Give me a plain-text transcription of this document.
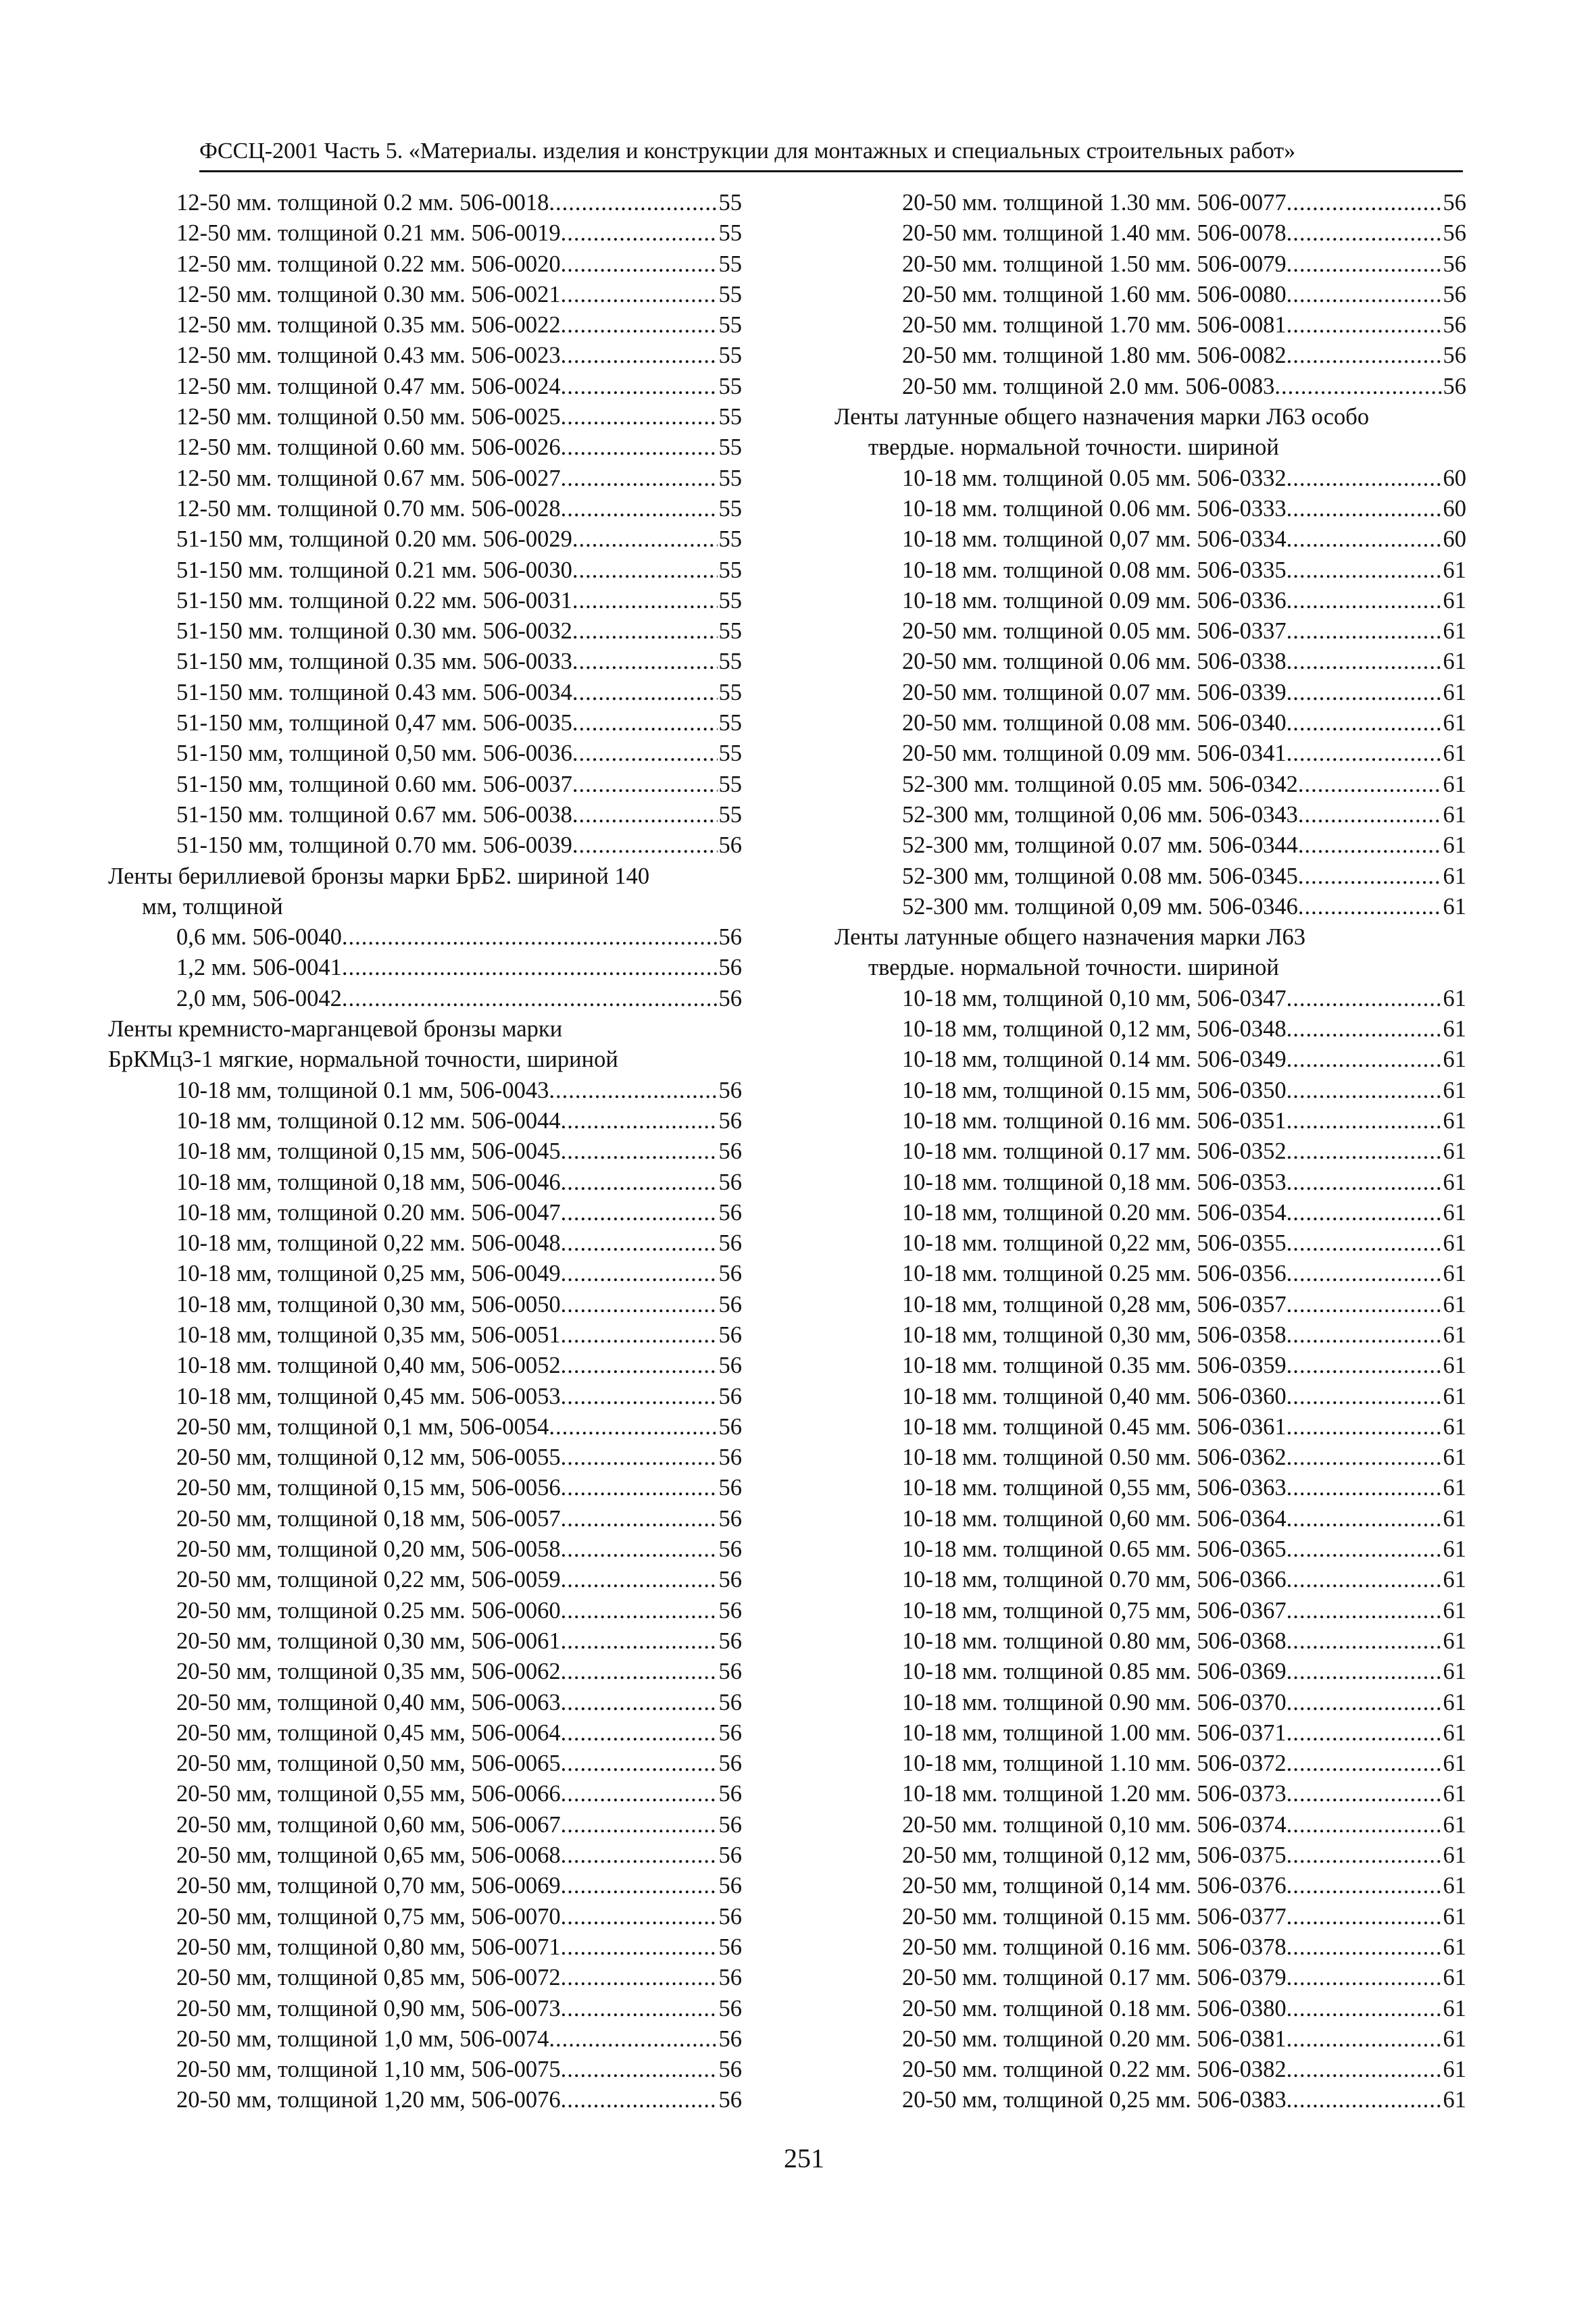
ФССЦ-2001 Часть 5. «Материалы. изделия и конструкции для монтажных и специальных строительных работ»
12-50 мм. толщиной 0.2 мм. 506-0018 .....	55
12-50 мм. толщиной 0.21 мм. 506-0019 .....	55
12-50 мм. толщиной 0.22 мм. 506-0020 .....	55
12-50 мм. толщиной 0.30 мм. 506-0021 .....	55
12-50 мм. толщиной 0.35 мм. 506-0022 .....	55
12-50 мм. толщиной 0.43 мм. 506-0023 .....	55
12-50 мм. толщиной 0.47 мм. 506-0024 .....	55
12-50 мм. толщиной 0.50 мм. 506-0025 .....	55
12-50 мм. толщиной 0.60 мм. 506-0026 .....	55
12-50 мм. толщиной 0.67 мм. 506-0027 .....	55
12-50 мм. толщиной 0.70 мм. 506-0028 .....	55
51-150 мм, толщиной 0.20 мм. 506-0029 .....	55
51-150 мм. толщиной 0.21 мм. 506-0030 .....	55
51-150 мм. толщиной 0.22 мм. 506-0031 .....	55
51-150 мм. толщиной 0.30 мм. 506-0032 .....	55
51-150 мм, толщиной 0.35 мм. 506-0033 .....	55
51-150 мм. толщиной 0.43 мм. 506-0034 .....	55
51-150 мм, толщиной 0,47 мм. 506-0035 .....	55
51-150 мм, толщиной 0,50 мм. 506-0036 .....	55
51-150 мм, толщиной 0.60 мм. 506-0037 .....	55
51-150 мм. толщиной 0.67 мм. 506-0038 .....	55
51-150 мм, толщиной 0.70 мм. 506-0039 .....	56
Ленты бериллиевой бронзы марки БрБ2. шириной 140
мм, толщиной
0,6 мм. 506-0040 .....	56
1,2 мм. 506-0041 .....	56
2,0 мм, 506-0042 .....	56
Ленты кремнисто-марганцевой бронзы марки
БрКМц3-1 мягкие, нормальной точности, шириной
10-18 мм, толщиной 0.1 мм, 506-0043 .....	56
10-18 мм, толщиной 0.12 мм. 506-0044 .....	56
10-18 мм, толщиной 0,15 мм, 506-0045 .....	56
10-18 мм, толщиной 0,18 мм, 506-0046 .....	56
10-18 мм, толщиной 0.20 мм. 506-0047 .....	56
10-18 мм, толщиной 0,22 мм. 506-0048 .....	56
10-18 мм, толщиной 0,25 мм, 506-0049 .....	56
10-18 мм, толщиной 0,30 мм, 506-0050 .....	56
10-18 мм, толщиной 0,35 мм, 506-0051 .....	56
10-18 мм. толщиной 0,40 мм, 506-0052 .....	56
10-18 мм, толщиной 0,45 мм. 506-0053 .....	56
20-50 мм, толщиной 0,1 мм, 506-0054 .....	56
20-50 мм, толщиной 0,12 мм, 506-0055 .....	56
20-50 мм, толщиной 0,15 мм, 506-0056 .....	56
20-50 мм, толщиной 0,18 мм, 506-0057 .....	56
20-50 мм, толщиной 0,20 мм, 506-0058 .....	56
20-50 мм, толщиной 0,22 мм, 506-0059 .....	56
20-50 мм, толщиной 0.25 мм. 506-0060 .....	56
20-50 мм, толщиной 0,30 мм, 506-0061 .....	56
20-50 мм, толщиной 0,35 мм, 506-0062 .....	56
20-50 мм, толщиной 0,40 мм, 506-0063 .....	56
20-50 мм, толщиной 0,45 мм, 506-0064 .....	56
20-50 мм, толщиной 0,50 мм, 506-0065 .....	56
20-50 мм, толщиной 0,55 мм, 506-0066 .....	56
20-50 мм, толщиной 0,60 мм, 506-0067 .....	56
20-50 мм, толщиной 0,65 мм, 506-0068 .....	56
20-50 мм, толщиной 0,70 мм, 506-0069 .....	56
20-50 мм, толщиной 0,75 мм, 506-0070 .....	56
20-50 мм, толщиной 0,80 мм, 506-0071 .....	56
20-50 мм, толщиной 0,85 мм, 506-0072 .....	56
20-50 мм, толщиной 0,90 мм, 506-0073 .....	56
20-50 мм, толщиной 1,0 мм, 506-0074 .....	56
20-50 мм, толщиной 1,10 мм, 506-0075 .....	56
20-50 мм, толщиной 1,20 мм, 506-0076 .....	56
20-50 мм. толщиной 1.30 мм. 506-0077 .....	56
20-50 мм. толщиной 1.40 мм. 506-0078 .....	56
20-50 мм. толщиной 1.50 мм. 506-0079 .....	56
20-50 мм. толщиной 1.60 мм. 506-0080 .....	56
20-50 мм. толщиной 1.70 мм. 506-0081 .....	56
20-50 мм. толщиной 1.80 мм. 506-0082 .....	56
20-50 мм. толщиной 2.0 мм. 506-0083 .....	56
Ленты латунные общего назначения марки Л63 особо
твердые. нормальной точности. шириной
10-18 мм. толщиной 0.05 мм. 506-0332 .....	60
10-18 мм. толщиной 0.06 мм. 506-0333 .....	60
10-18 мм. толщиной 0,07 мм. 506-0334 .....	60
10-18 мм. толщиной 0.08 мм. 506-0335 .....	61
10-18 мм. толщиной 0.09 мм. 506-0336 .....	61
20-50 мм. толщиной 0.05 мм. 506-0337 .....	61
20-50 мм. толщиной 0.06 мм. 506-0338 .....	61
20-50 мм. толщиной 0.07 мм. 506-0339 .....	61
20-50 мм. толщиной 0.08 мм. 506-0340 .....	61
20-50 мм. толщиной 0.09 мм. 506-0341 .....	61
52-300 мм. толщиной 0.05 мм. 506-0342 .....	61
52-300 мм, толщиной 0,06 мм. 506-0343 .....	61
52-300 мм, толщиной 0.07 мм. 506-0344 .....	61
52-300 мм, толщиной 0.08 мм. 506-0345 .....	61
52-300 мм. толщиной 0,09 мм. 506-0346 .....	61
Ленты латунные общего назначения марки Л63
твердые. нормальной точности. шириной
10-18 мм, толщиной 0,10 мм, 506-0347 .....	61
10-18 мм, толщиной 0,12 мм, 506-0348 .....	61
10-18 мм, толщиной 0.14 мм. 506-0349 .....	61
10-18 мм, толщиной 0.15 мм, 506-0350 .....	61
10-18 мм. толщиной 0.16 мм. 506-0351 .....	61
10-18 мм. толщиной 0.17 мм. 506-0352 .....	61
10-18 мм. толщиной 0,18 мм. 506-0353 .....	61
10-18 мм, толщиной 0.20 мм. 506-0354 .....	61
10-18 мм. толщиной 0,22 мм, 506-0355 .....	61
10-18 мм. толщиной 0.25 мм. 506-0356 .....	61
10-18 мм, толщиной 0,28 мм, 506-0357 .....	61
10-18 мм, толщиной 0,30 мм, 506-0358 .....	61
10-18 мм. толщиной 0.35 мм. 506-0359 .....	61
10-18 мм. толщиной 0,40 мм. 506-0360 .....	61
10-18 мм. толщиной 0.45 мм. 506-0361 .....	61
10-18 мм. толщиной 0.50 мм. 506-0362 .....	61
10-18 мм. толщиной 0,55 мм, 506-0363 .....	61
10-18 мм. толщиной 0,60 мм. 506-0364 .....	61
10-18 мм. толщиной 0.65 мм. 506-0365 .....	61
10-18 мм, толщиной 0.70 мм, 506-0366 .....	61
10-18 мм, толщиной 0,75 мм, 506-0367 .....	61
10-18 мм. толщиной 0.80 мм, 506-0368 .....	61
10-18 мм. толщиной 0.85 мм. 506-0369 .....	61
10-18 мм. толщиной 0.90 мм. 506-0370 .....	61
10-18 мм, толщиной 1.00 мм. 506-0371 .....	61
10-18 мм, толщиной 1.10 мм. 506-0372 .....	61
10-18 мм. толщиной 1.20 мм. 506-0373 .....	61
20-50 мм. толщиной 0,10 мм. 506-0374 .....	61
20-50 мм, толщиной 0,12 мм, 506-0375 .....	61
20-50 мм, толщиной 0,14 мм. 506-0376 .....	61
20-50 мм. толщиной 0.15 мм. 506-0377 .....	61
20-50 мм. толщиной 0.16 мм. 506-0378 .....	61
20-50 мм. толщиной 0.17 мм. 506-0379 .....	61
20-50 мм. толщиной 0.18 мм. 506-0380 .....	61
20-50 мм. толщиной 0.20 мм. 506-0381 .....	61
20-50 мм. толщиной 0.22 мм. 506-0382 .....	61
20-50 мм, толщиной 0,25 мм. 506-0383 .....	61
251
